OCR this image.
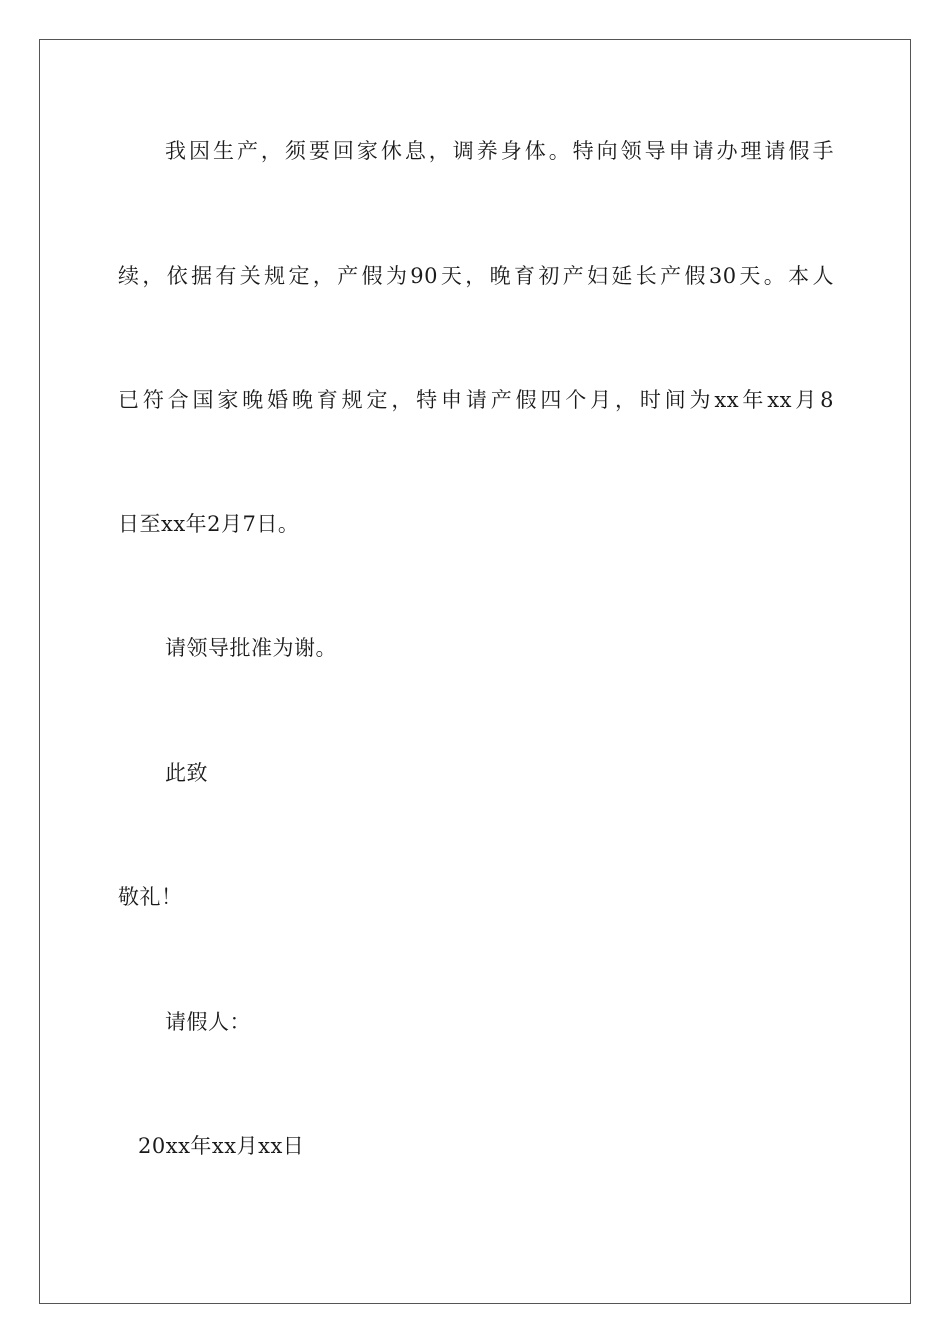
我因生产，须要回家休息，调养身体。特向领导申请办理请假手
续，依据有关规定，产假为90天，晚育初产妇延长产假30天。本人
已符合国家晚婚晚育规定，特申请产假四个月，时间为xx年xx月8
日至xx年2月7日。
请领导批准为谢。
此致
敬礼！
请假人：
20xx年xx月xx日
